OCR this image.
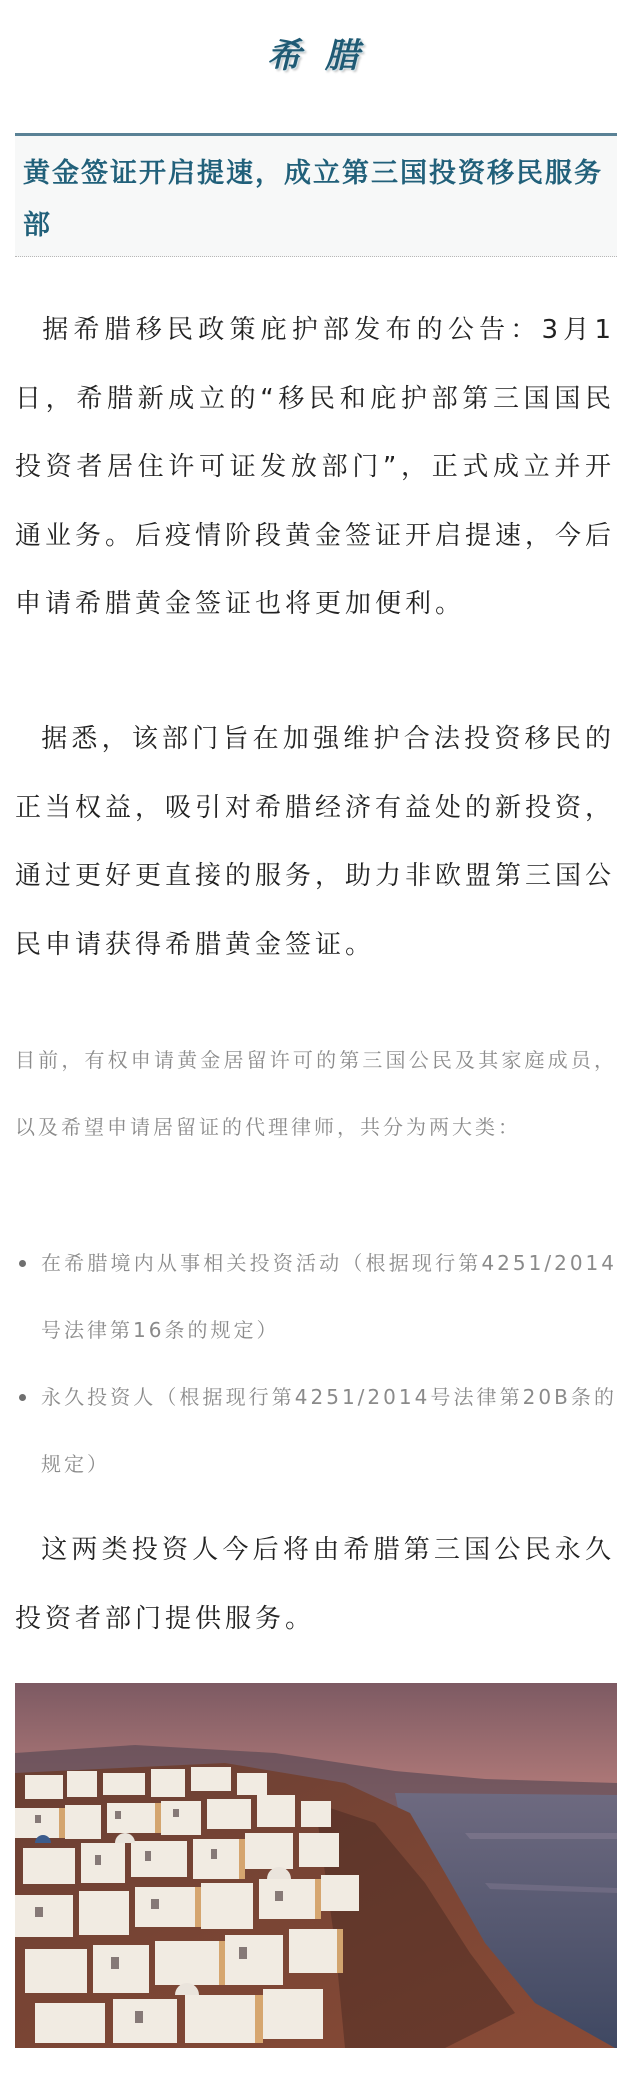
希 腊

黄金签证开启提速，成立第三国投资移民服务部

据希腊移民政策庇护部发布的公告：3月1日，希腊新成立的“移民和庇护部第三国国民投资者居住许可证发放部门”，正式成立并开通业务。后疫情阶段黄金签证开启提速，今后申请希腊黄金签证也将更加便利。

据悉，该部门旨在加强维护合法投资移民的正当权益，吸引对希腊经济有益处的新投资，通过更好更直接的服务，助力非欧盟第三国公民申请获得希腊黄金签证。

目前，有权申请黄金居留许可的第三国公民及其家庭成员，以及希望申请居留证的代理律师，共分为两大类：

在希腊境内从事相关投资活动（根据现行第4251/2014号法律第16条的规定）
永久投资人（根据现行第4251/2014号法律第20B条的规定）

这两类投资人今后将由希腊第三国公民永久投资者部门提供服务。
